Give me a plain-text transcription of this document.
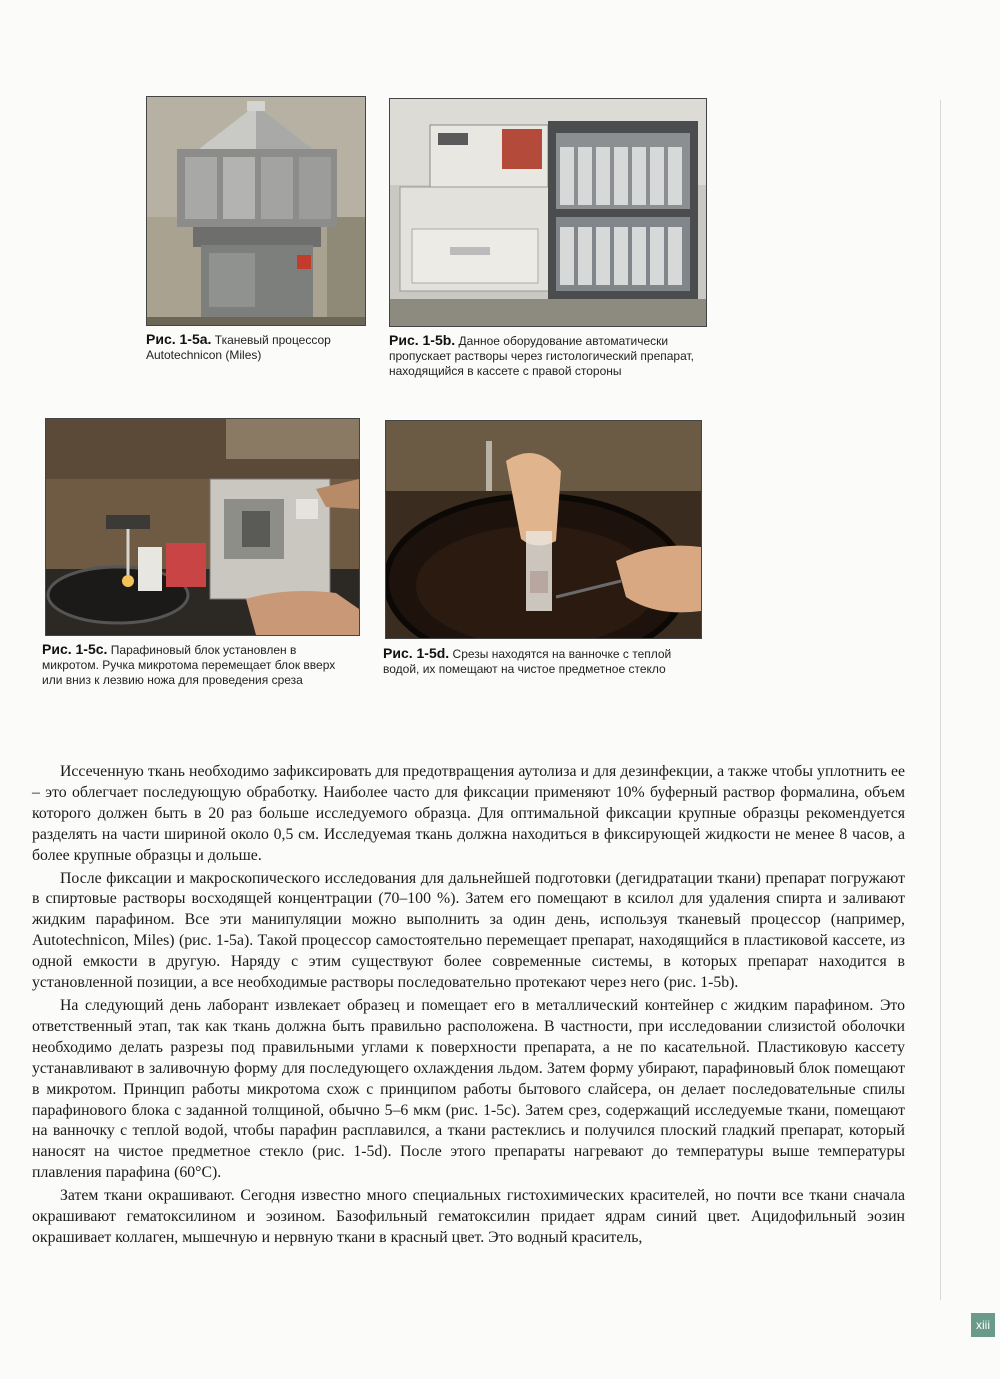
Рис. 1-5a. Тканевый процессор Autotechnicon (Miles)
Рис. 1-5b. Данное оборудование автоматически пропускает растворы через гистологический препарат, находящийся в кассете с правой стороны
Рис. 1-5c. Парафиновый блок установлен в микротом. Ручка микротома перемещает блок вверх или вниз к лезвию ножа для проведения среза
Рис. 1-5d. Срезы находятся на ванночке с теплой водой, их помещают на чистое предметное стекло

Иссеченную ткань необходимо зафиксировать для предотвращения аутолиза и для дезинфекции, а также чтобы уплотнить ее – это облегчает последующую обработку. Наиболее часто для фиксации применяют 10% буферный раствор формалина, объем которого должен быть в 20 раз больше исследуемого образца. Для оптимальной фиксации крупные образцы рекомендуется разделять на части шириной около 0,5 см. Исследуемая ткань должна находиться в фиксирующей жидкости не менее 8 часов, а более крупные образцы и дольше.

После фиксации и макроскопического исследования для дальнейшей подготовки (дегидратации ткани) препарат погружают в спиртовые растворы восходящей концентрации (70–100 %). Затем его помещают в ксилол для удаления спирта и заливают жидким парафином. Все эти манипуляции можно выполнить за один день, используя тканевый процессор (например, Autotechnicon, Miles) (рис. 1-5a). Такой процессор самостоятельно перемещает препарат, находящийся в пластиковой кассете, из одной емкости в другую. Наряду с этим существуют более современные системы, в которых препарат находится в установленной позиции, а все необходимые растворы последовательно протекают через него (рис. 1-5b).

На следующий день лаборант извлекает образец и помещает его в металлический контейнер с жидким парафином. Это ответственный этап, так как ткань должна быть правильно расположена. В частности, при исследовании слизистой оболочки необходимо делать разрезы под правильными углами к поверхности препарата, а не по касательной. Пластиковую кассету устанавливают в заливочную форму для последующего охлаждения льдом. Затем форму убирают, парафиновый блок помещают в микротом. Принцип работы микротома схож с принципом работы бытового слайсера, он делает последовательные спилы парафинового блока с заданной толщиной, обычно 5–6 мкм (рис. 1-5c). Затем срез, содержащий исследуемые ткани, помещают на ванночку с теплой водой, чтобы парафин расплавился, а ткани растеклись и получился плоский гладкий препарат, который наносят на чистое предметное стекло (рис. 1-5d). После этого препараты нагревают до температуры выше температуры плавления парафина (60°C).

Затем ткани окрашивают. Сегодня известно много специальных гистохимических красителей, но почти все ткани сначала окрашивают гематоксилином и эозином. Базофильный гематоксилин придает ядрам синий цвет. Ацидофильный эозин окрашивает коллаген, мышечную и нервную ткани в красный цвет. Это водный краситель,

xiii
